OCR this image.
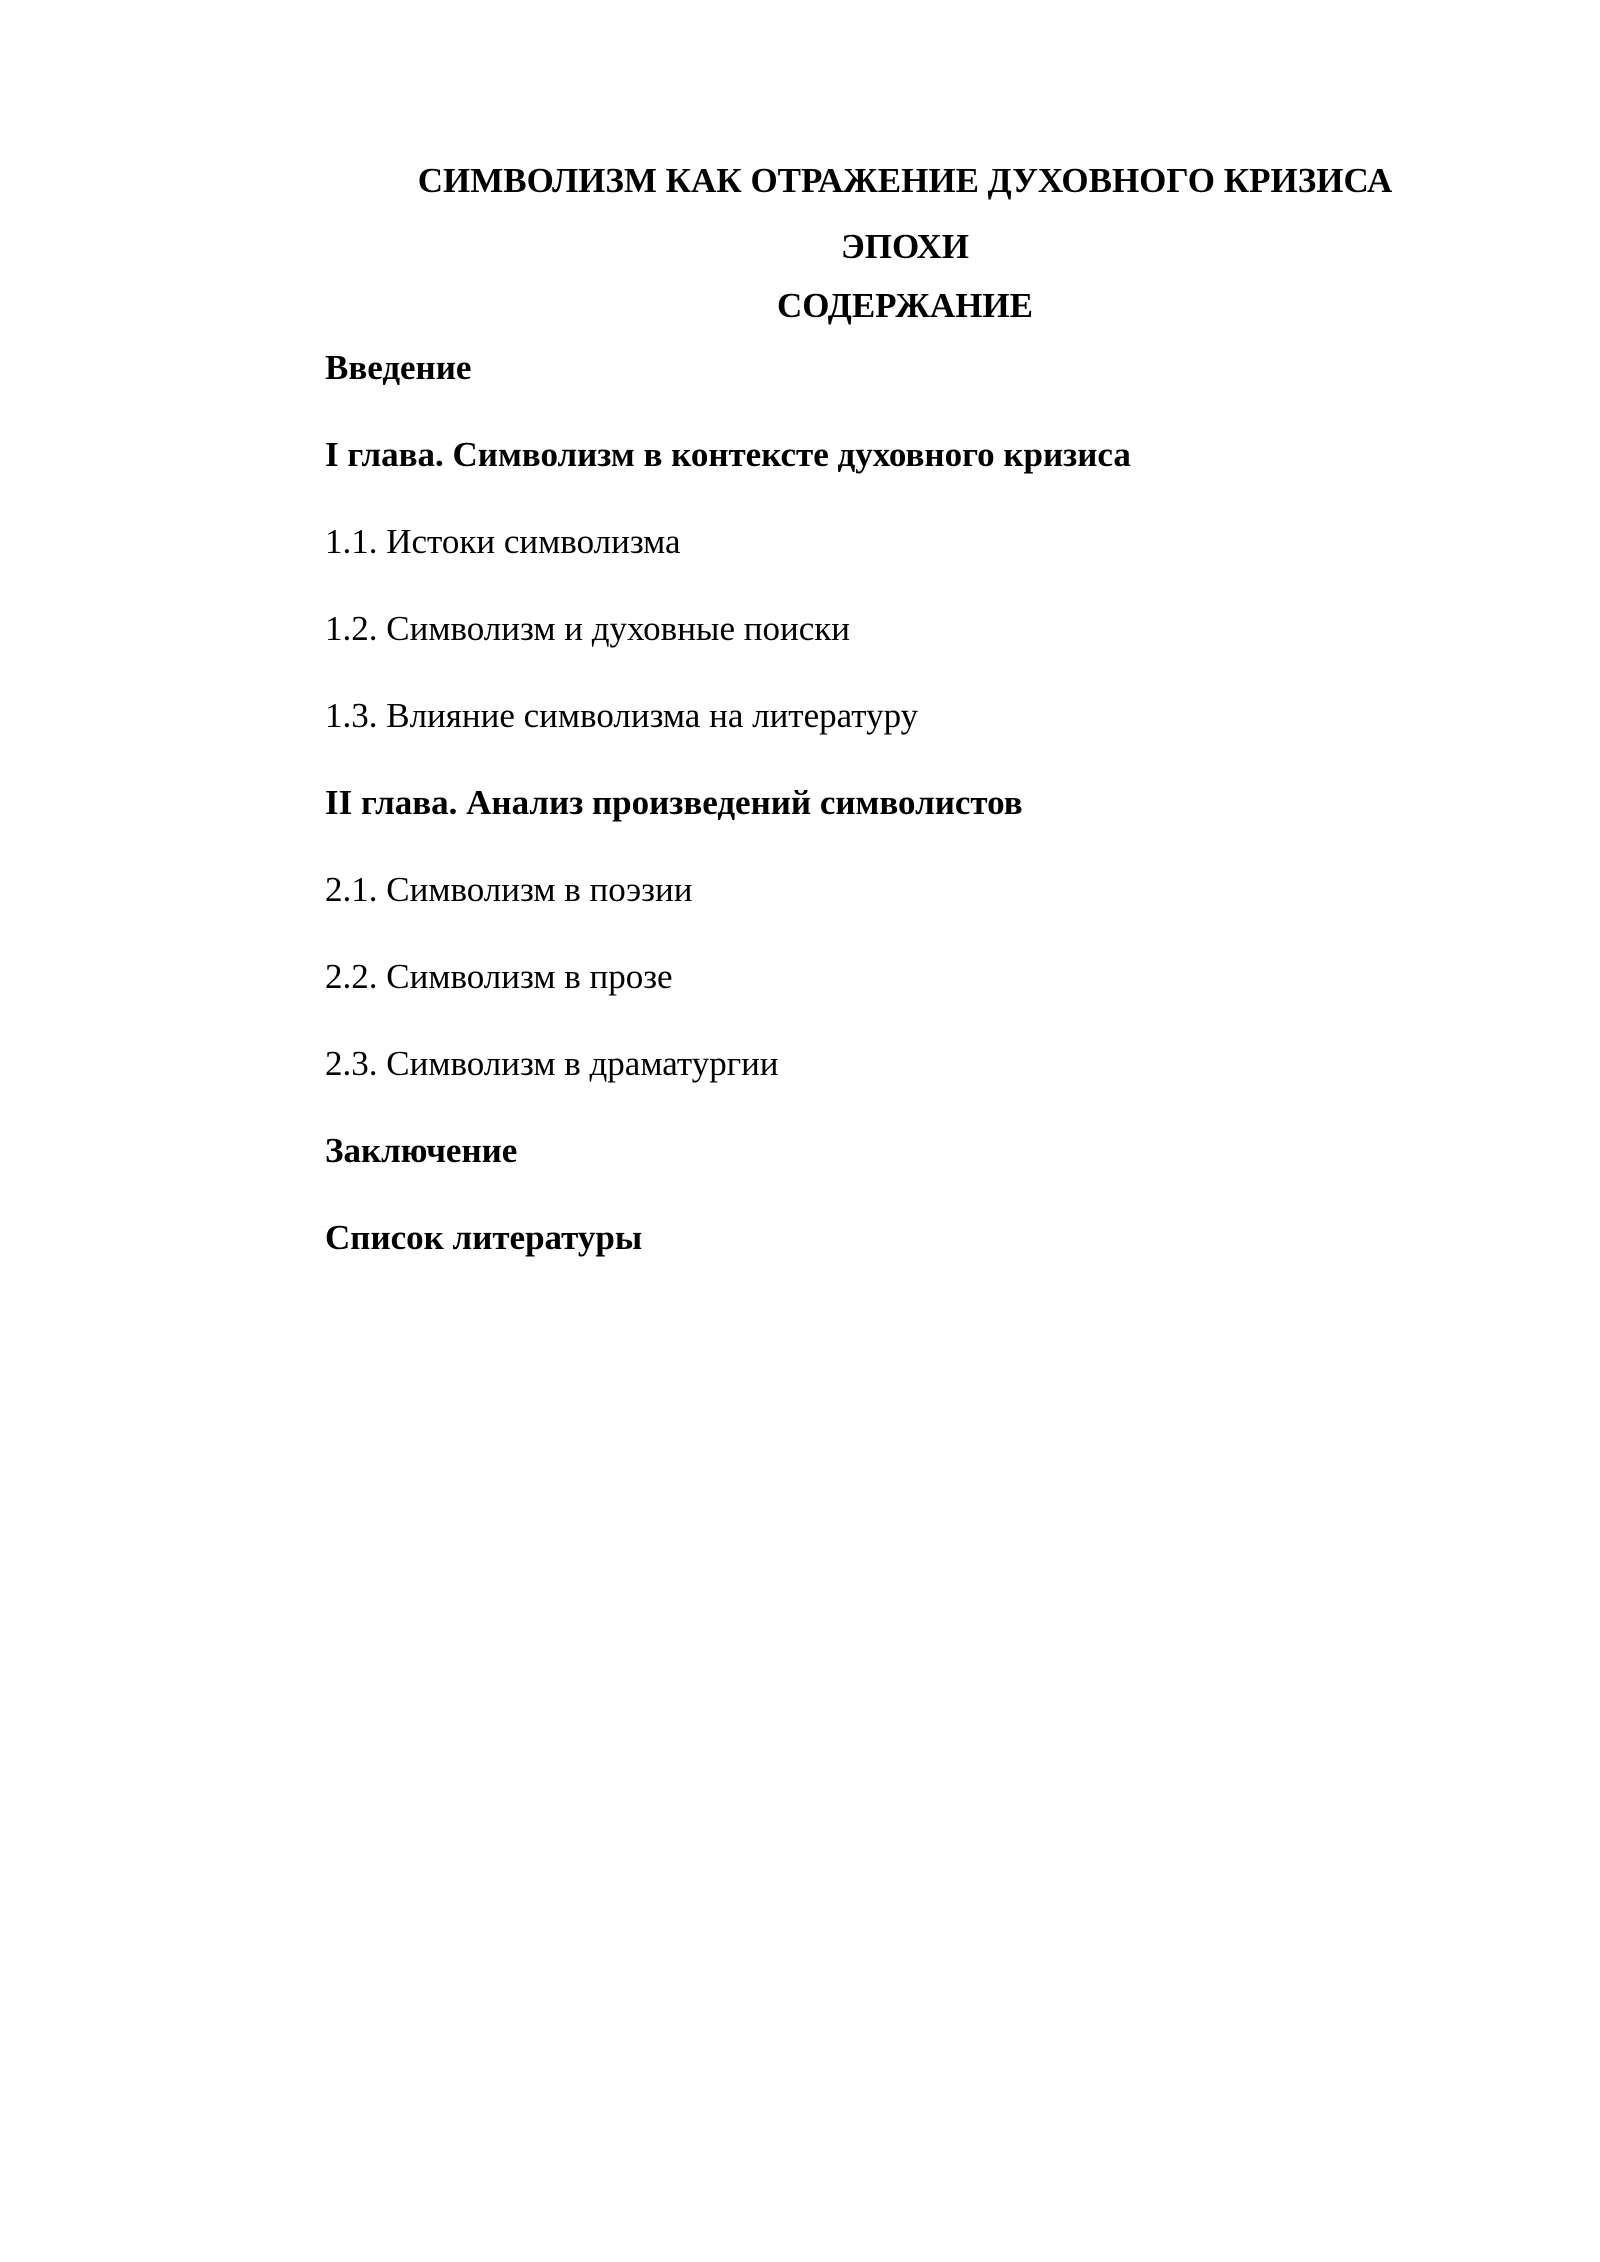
СИМВОЛИЗМ КАК ОТРАЖЕНИЕ ДУХОВНОГО КРИЗИСА
ЭПОХИ
СОДЕРЖАНИЕ
Введение
I глава. Символизм в контексте духовного кризиса
1.1. Истоки символизма
1.2. Символизм и духовные поиски
1.3. Влияние символизма на литературу
II глава. Анализ произведений символистов
2.1. Символизм в поэзии
2.2. Символизм в прозе
2.3. Символизм в драматургии
Заключение
Список литературы
